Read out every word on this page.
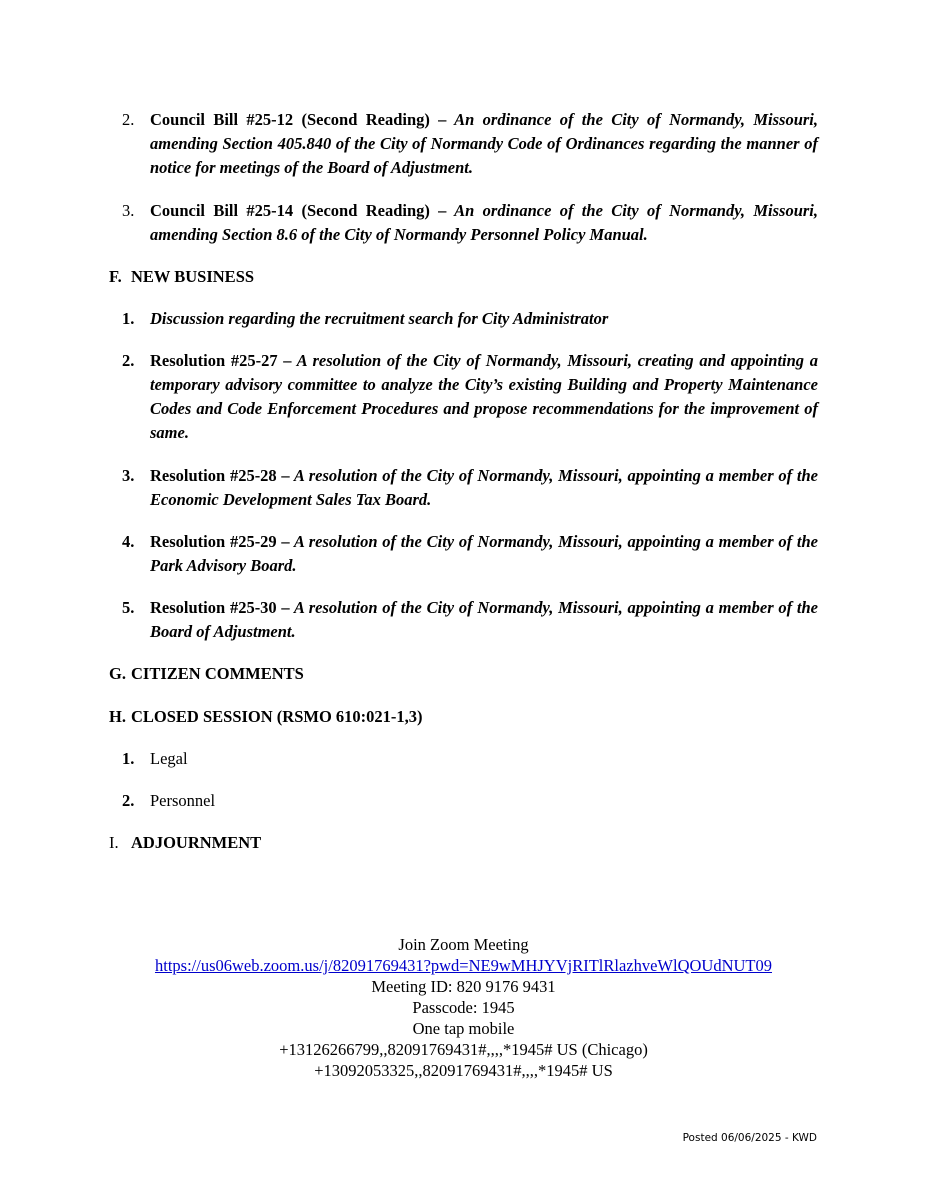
2. Council Bill #25-12 (Second Reading) – An ordinance of the City of Normandy, Missouri, amending Section 405.840 of the City of Normandy Code of Ordinances regarding the manner of notice for meetings of the Board of Adjustment.
3. Council Bill #25-14 (Second Reading) – An ordinance of the City of Normandy, Missouri, amending Section 8.6 of the City of Normandy Personnel Policy Manual.
F. NEW BUSINESS
1. Discussion regarding the recruitment search for City Administrator
2. Resolution #25-27 – A resolution of the City of Normandy, Missouri, creating and appointing a temporary advisory committee to analyze the City’s existing Building and Property Maintenance Codes and Code Enforcement Procedures and propose recommendations for the improvement of same.
3. Resolution #25-28 – A resolution of the City of Normandy, Missouri, appointing a member of the Economic Development Sales Tax Board.
4. Resolution #25-29 – A resolution of the City of Normandy, Missouri, appointing a member of the Park Advisory Board.
5. Resolution #25-30 – A resolution of the City of Normandy, Missouri, appointing a member of the Board of Adjustment.
G. CITIZEN COMMENTS
H. CLOSED SESSION (RSMO 610:021-1,3)
1. Legal
2. Personnel
I. ADJOURNMENT
Join Zoom Meeting
https://us06web.zoom.us/j/82091769431?pwd=NE9wMHJYVjRITlRlazhveWlQOUdNUT09
Meeting ID: 820 9176 9431
Passcode: 1945
One tap mobile
+13126266799,,82091769431#,,,,*1945# US (Chicago)
+13092053325,,82091769431#,,,,*1945# US
Posted 06/06/2025 - KWD
